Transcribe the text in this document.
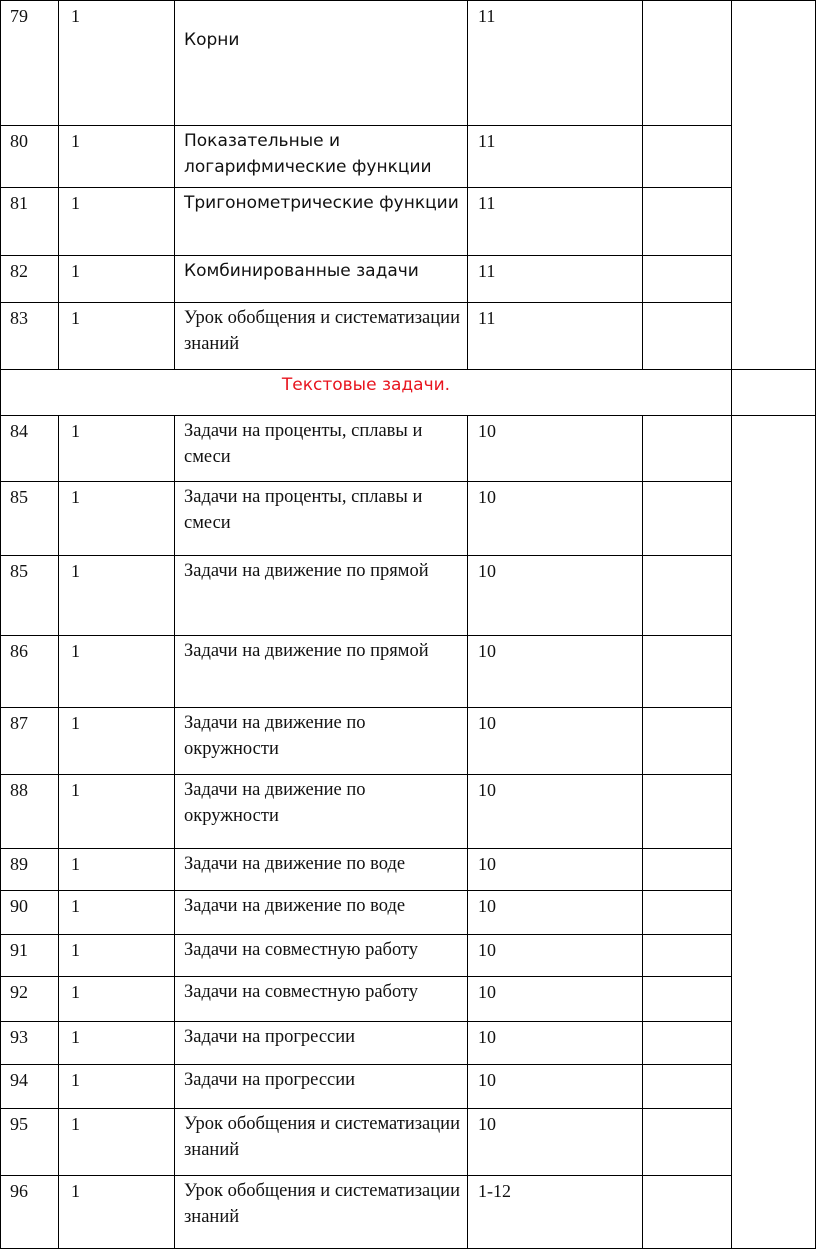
79	1	Корни	11		
80	1	Показательные и логарифмические функции	11		
81	1	Тригонометрические функции	11		
82	1	Комбинированные задачи	11		
83	1	Урок обобщения и систематизации знаний	11		
Текстовые задачи.					
84	1	Задачи на проценты, сплавы и смеси	10		
85	1	Задачи на проценты, сплавы и смеси	10		
85	1	Задачи на движение по прямой	10		
86	1	Задачи на движение по прямой	10		
87	1	Задачи на движение по окружности	10		
88	1	Задачи на движение по окружности	10		
89	1	Задачи на движение по воде	10		
90	1	Задачи на движение по воде	10		
91	1	Задачи на совместную работу	10		
92	1	Задачи на совместную работу	10		
93	1	Задачи на прогрессии	10		
94	1	Задачи на прогрессии	10		
95	1	Урок обобщения и систематизации знаний	10		
96	1	Урок обобщения и систематизации знаний	1-12		
